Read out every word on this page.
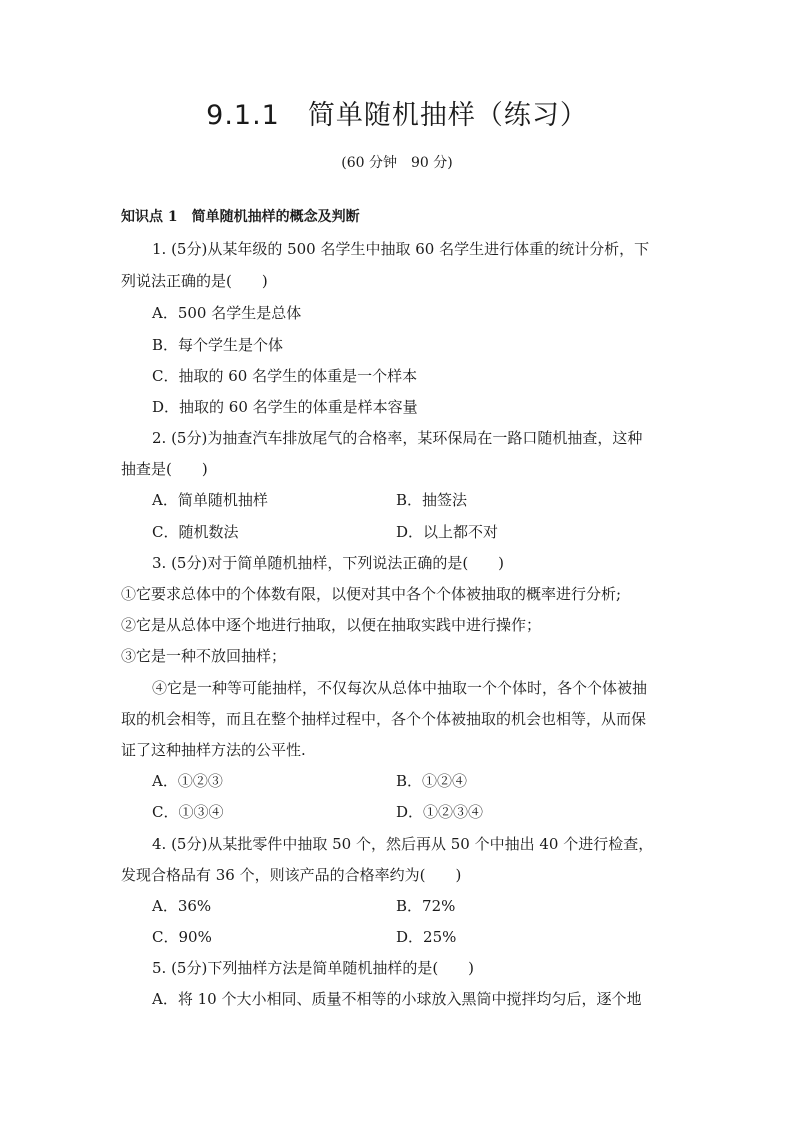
9.1.1　简单随机抽样（练习）
(60 分钟　90 分)
知识点 1　简单随机抽样的概念及判断
1. (5分)从某年级的 500 名学生中抽取 60 名学生进行体重的统计分析，下
列说法正确的是(　　)
A．500 名学生是总体
B．每个学生是个体
C．抽取的 60 名学生的体重是一个样本
D．抽取的 60 名学生的体重是样本容量
2. (5分)为抽查汽车排放尾气的合格率，某环保局在一路口随机抽查，这种
抽查是(　　)
A．简单随机抽样	B．抽签法
C．随机数法	D．以上都不对
3. (5分)对于简单随机抽样，下列说法正确的是(　　)
①它要求总体中的个体数有限，以便对其中各个个体被抽取的概率进行分析;
②它是从总体中逐个地进行抽取，以便在抽取实践中进行操作；
③它是一种不放回抽样；
④它是一种等可能抽样，不仅每次从总体中抽取一个个体时，各个个体被抽
取的机会相等，而且在整个抽样过程中，各个个体被抽取的机会也相等，从而保
证了这种抽样方法的公平性.
A．①②③	B．①②④
C．①③④	D．①②③④
4. (5分)从某批零件中抽取 50 个，然后再从 50 个中抽出 40 个进行检查，
发现合格品有 36 个，则该产品的合格率约为(　　)
A．36%	B．72%
C．90%	D．25%
5. (5分)下列抽样方法是简单随机抽样的是(　　)
A．将 10 个大小相同、质量不相等的小球放入黑筒中搅拌均匀后，逐个地
